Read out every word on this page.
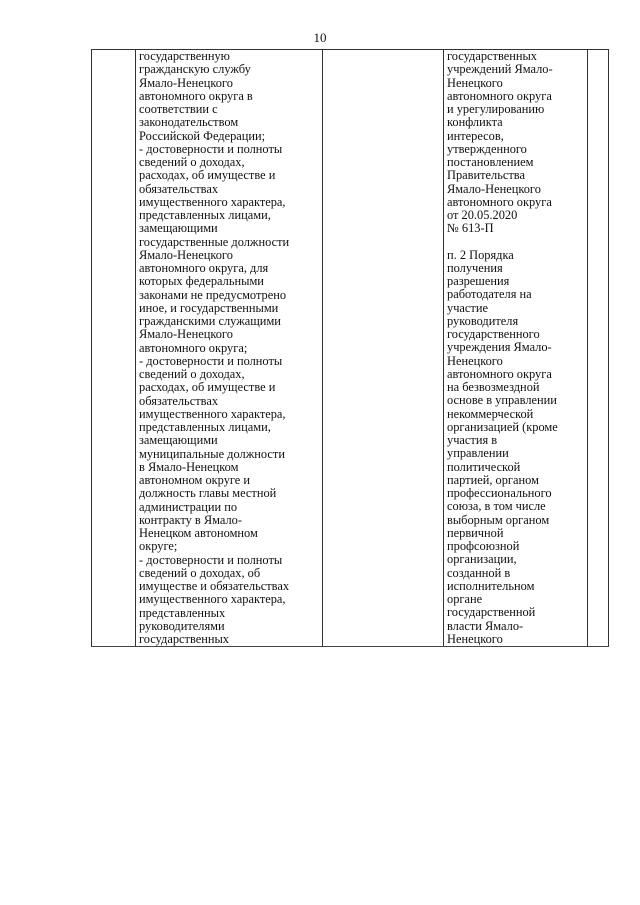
10

государственную
гражданскую службу
Ямало-Ненецкого
автономного округа в
соответствии с
законодательством
Российской Федерации;
- достоверности и полноты
сведений о доходах,
расходах, об имуществе и
обязательствах
имущественного характера,
представленных лицами,
замещающими
государственные должности
Ямало-Ненецкого
автономного округа, для
которых федеральными
законами не предусмотрено
иное, и государственными
гражданскими служащими
Ямало-Ненецкого
автономного округа;
- достоверности и полноты
сведений о доходах,
расходах, об имуществе и
обязательствах
имущественного характера,
представленных лицами,
замещающими
муниципальные должности
в Ямало-Ненецком
автономном округе и
должность главы местной
администрации по
контракту в Ямало-
Ненецком автономном
округе;
- достоверности и полноты
сведений о доходах, об
имуществе и обязательствах
имущественного характера,
представленных
руководителями
государственных

государственных
учреждений Ямало-
Ненецкого
автономного округа
и урегулированию
конфликта
интересов,
утвержденного
постановлением
Правительства
Ямало-Ненецкого
автономного округа
от 20.05.2020
№ 613-П
п. 2 Порядка
получения
разрешения
работодателя на
участие
руководителя
государственного
учреждения Ямало-
Ненецкого
автономного округа
на безвозмездной
основе в управлении
некоммерческой
организацией (кроме
участия в
управлении
политической
партией, органом
профессионального
союза, в том числе
выборным органом
первичной
профсоюзной
организации,
созданной в
исполнительном
органе
государственной
власти Ямало-
Ненецкого
